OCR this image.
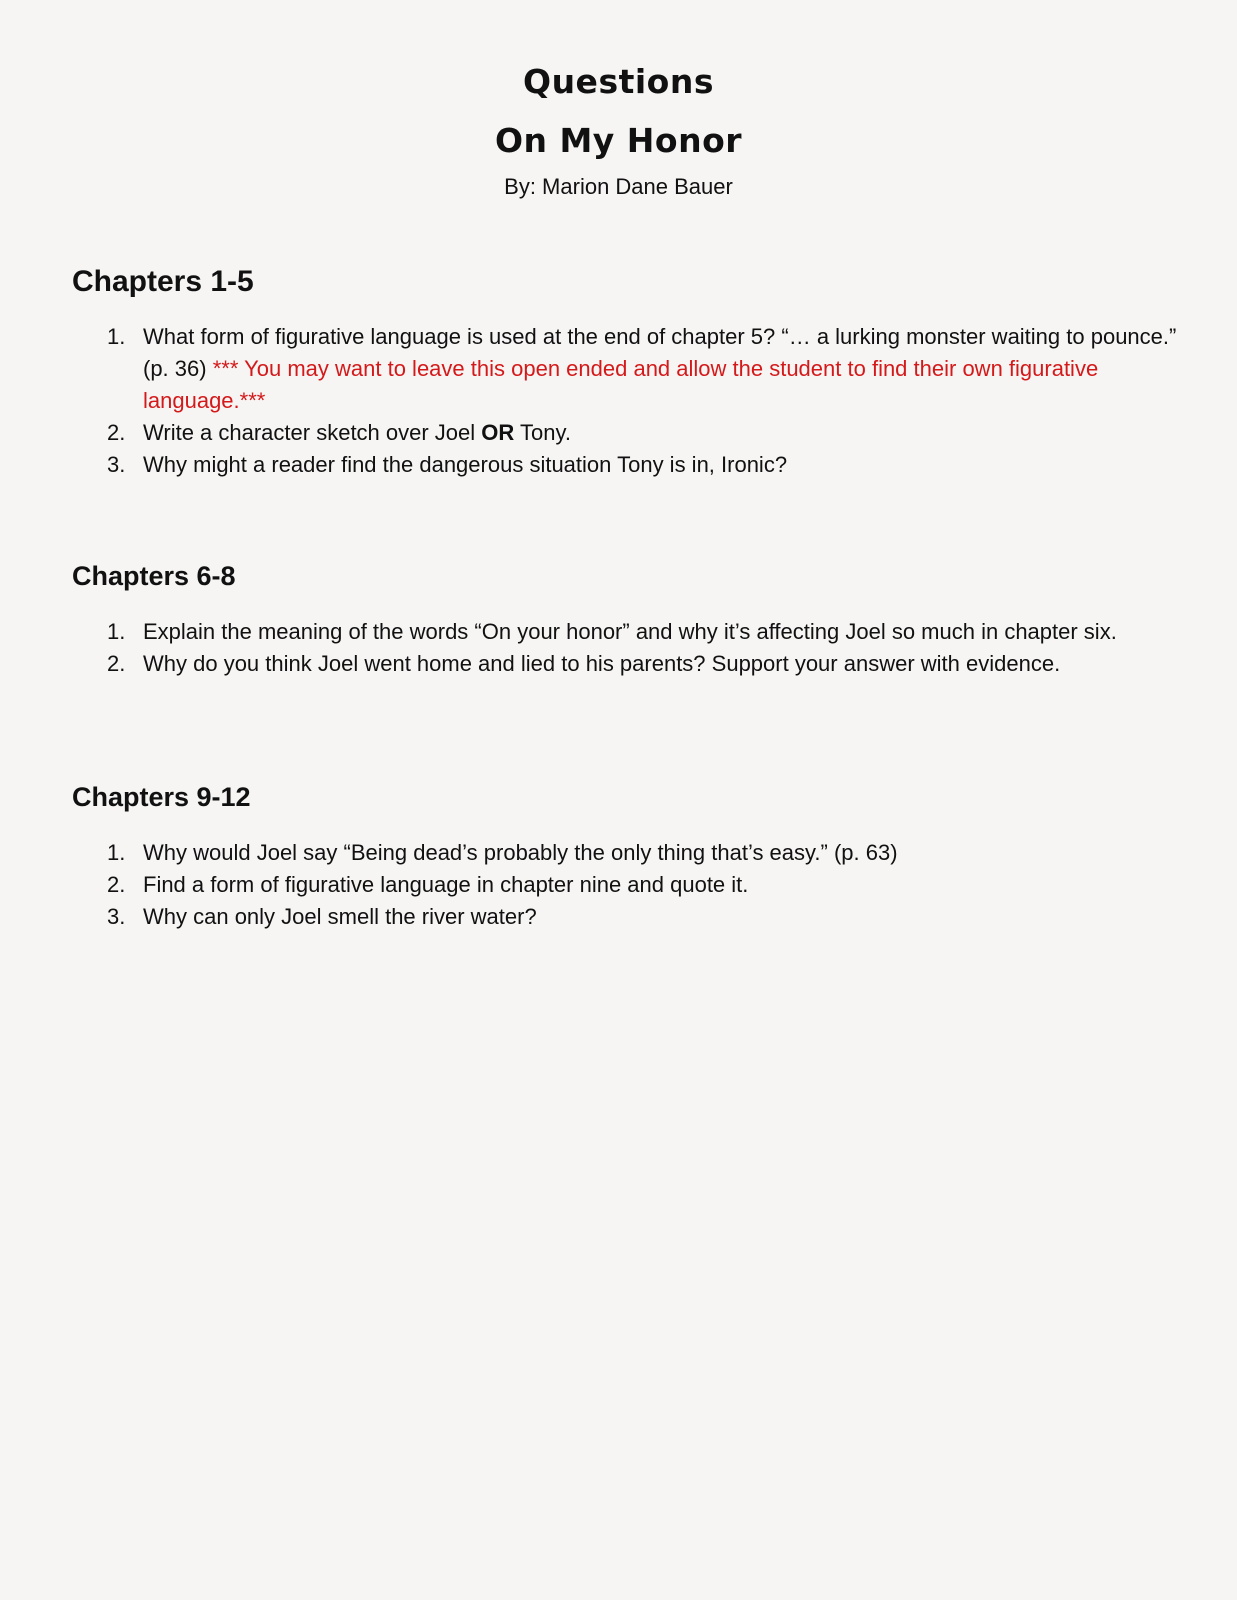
Questions
On My Honor
By: Marion Dane Bauer
Chapters 1-5
1. What form of figurative language is used at the end of chapter 5? “… a lurking monster waiting to pounce.” (p. 36) *** You may want to leave this open ended and allow the student to find their own figurative language.***
2. Write a character sketch over Joel OR Tony.
3. Why might a reader find the dangerous situation Tony is in, Ironic?
Chapters 6-8
1. Explain the meaning of the words “On your honor” and why it’s affecting Joel so much in chapter six.
2. Why do you think Joel went home and lied to his parents? Support your answer with evidence.
Chapters 9-12
1. Why would Joel say “Being dead’s probably the only thing that’s easy.” (p. 63)
2. Find a form of figurative language in chapter nine and quote it.
3. Why can only Joel smell the river water?
